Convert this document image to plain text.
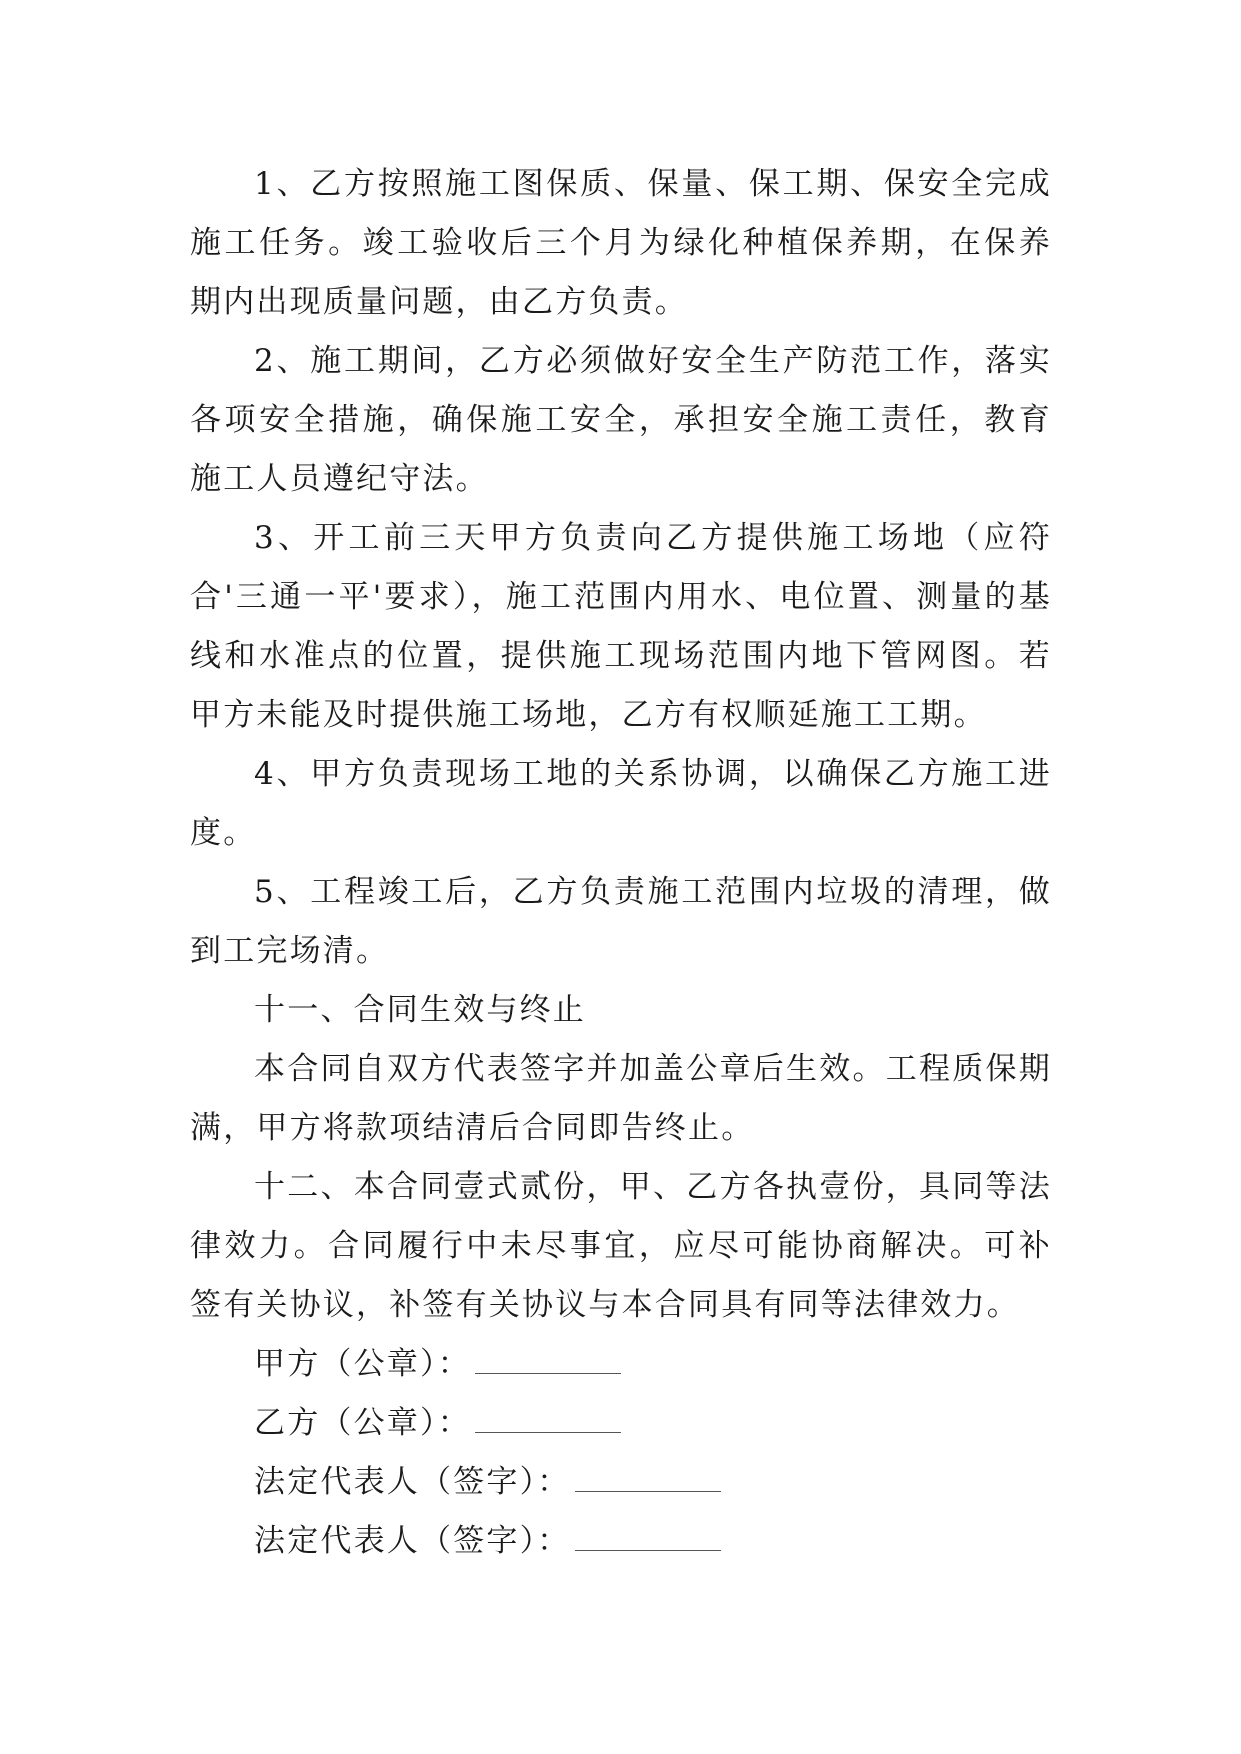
1、乙方按照施工图保质、保量、保工期、保安全完成施工任务。竣工验收后三个月为绿化种植保养期，在保养期内出现质量问题，由乙方负责。

2、施工期间，乙方必须做好安全生产防范工作，落实各项安全措施，确保施工安全，承担安全施工责任，教育施工人员遵纪守法。

3、开工前三天甲方负责向乙方提供施工场地（应符合'三通一平'要求），施工范围内用水、电位置、测量的基线和水准点的位置，提供施工现场范围内地下管网图。若甲方未能及时提供施工场地，乙方有权顺延施工工期。

4、甲方负责现场工地的关系协调，以确保乙方施工进度。

5、工程竣工后，乙方负责施工范围内垃圾的清理，做到工完场清。

十一、合同生效与终止

本合同自双方代表签字并加盖公章后生效。工程质保期满，甲方将款项结清后合同即告终止。

十二、本合同壹式贰份，甲、乙方各执壹份，具同等法律效力。合同履行中未尽事宜，应尽可能协商解决。可补签有关协议，补签有关协议与本合同具有同等法律效力。

甲方（公章）：
乙方（公章）：
法定代表人（签字）：
法定代表人（签字）：
